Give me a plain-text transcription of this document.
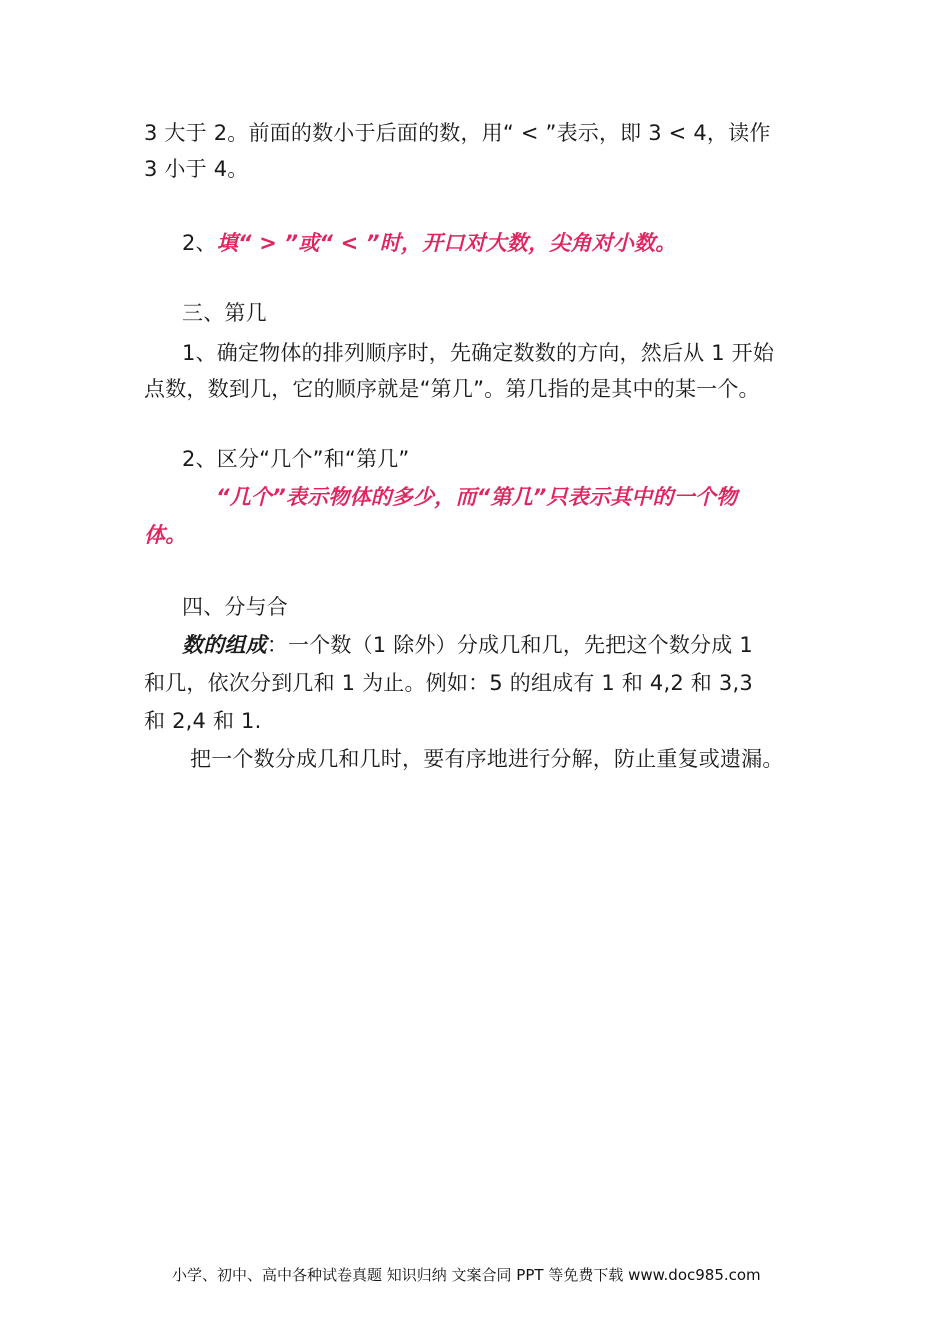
3 大于 2。前面的数小于后面的数，用“ < ”表示，即 3 < 4，读作
3 小于 4。
2、填“ > ”或“ < ”时，开口对大数，尖角对小数。
三、第几
1、确定物体的排列顺序时，先确定数数的方向，然后从 1 开始
点数，数到几，它的顺序就是“第几”。第几指的是其中的某一个。
2、区分“几个”和“第几”
“几个”表示物体的多少，而“第几”只表示其中的一个物
体。
四、分与合
数的组成：一个数（1 除外）分成几和几，先把这个数分成 1
和几，依次分到几和 1 为止。例如：5 的组成有 1 和 4,2 和 3,3
和 2,4 和 1.
把一个数分成几和几时，要有序地进行分解，防止重复或遗漏。
小学、初中、高中各种试卷真题 知识归纳 文案合同 PPT 等免费下载 www.doc985.com
